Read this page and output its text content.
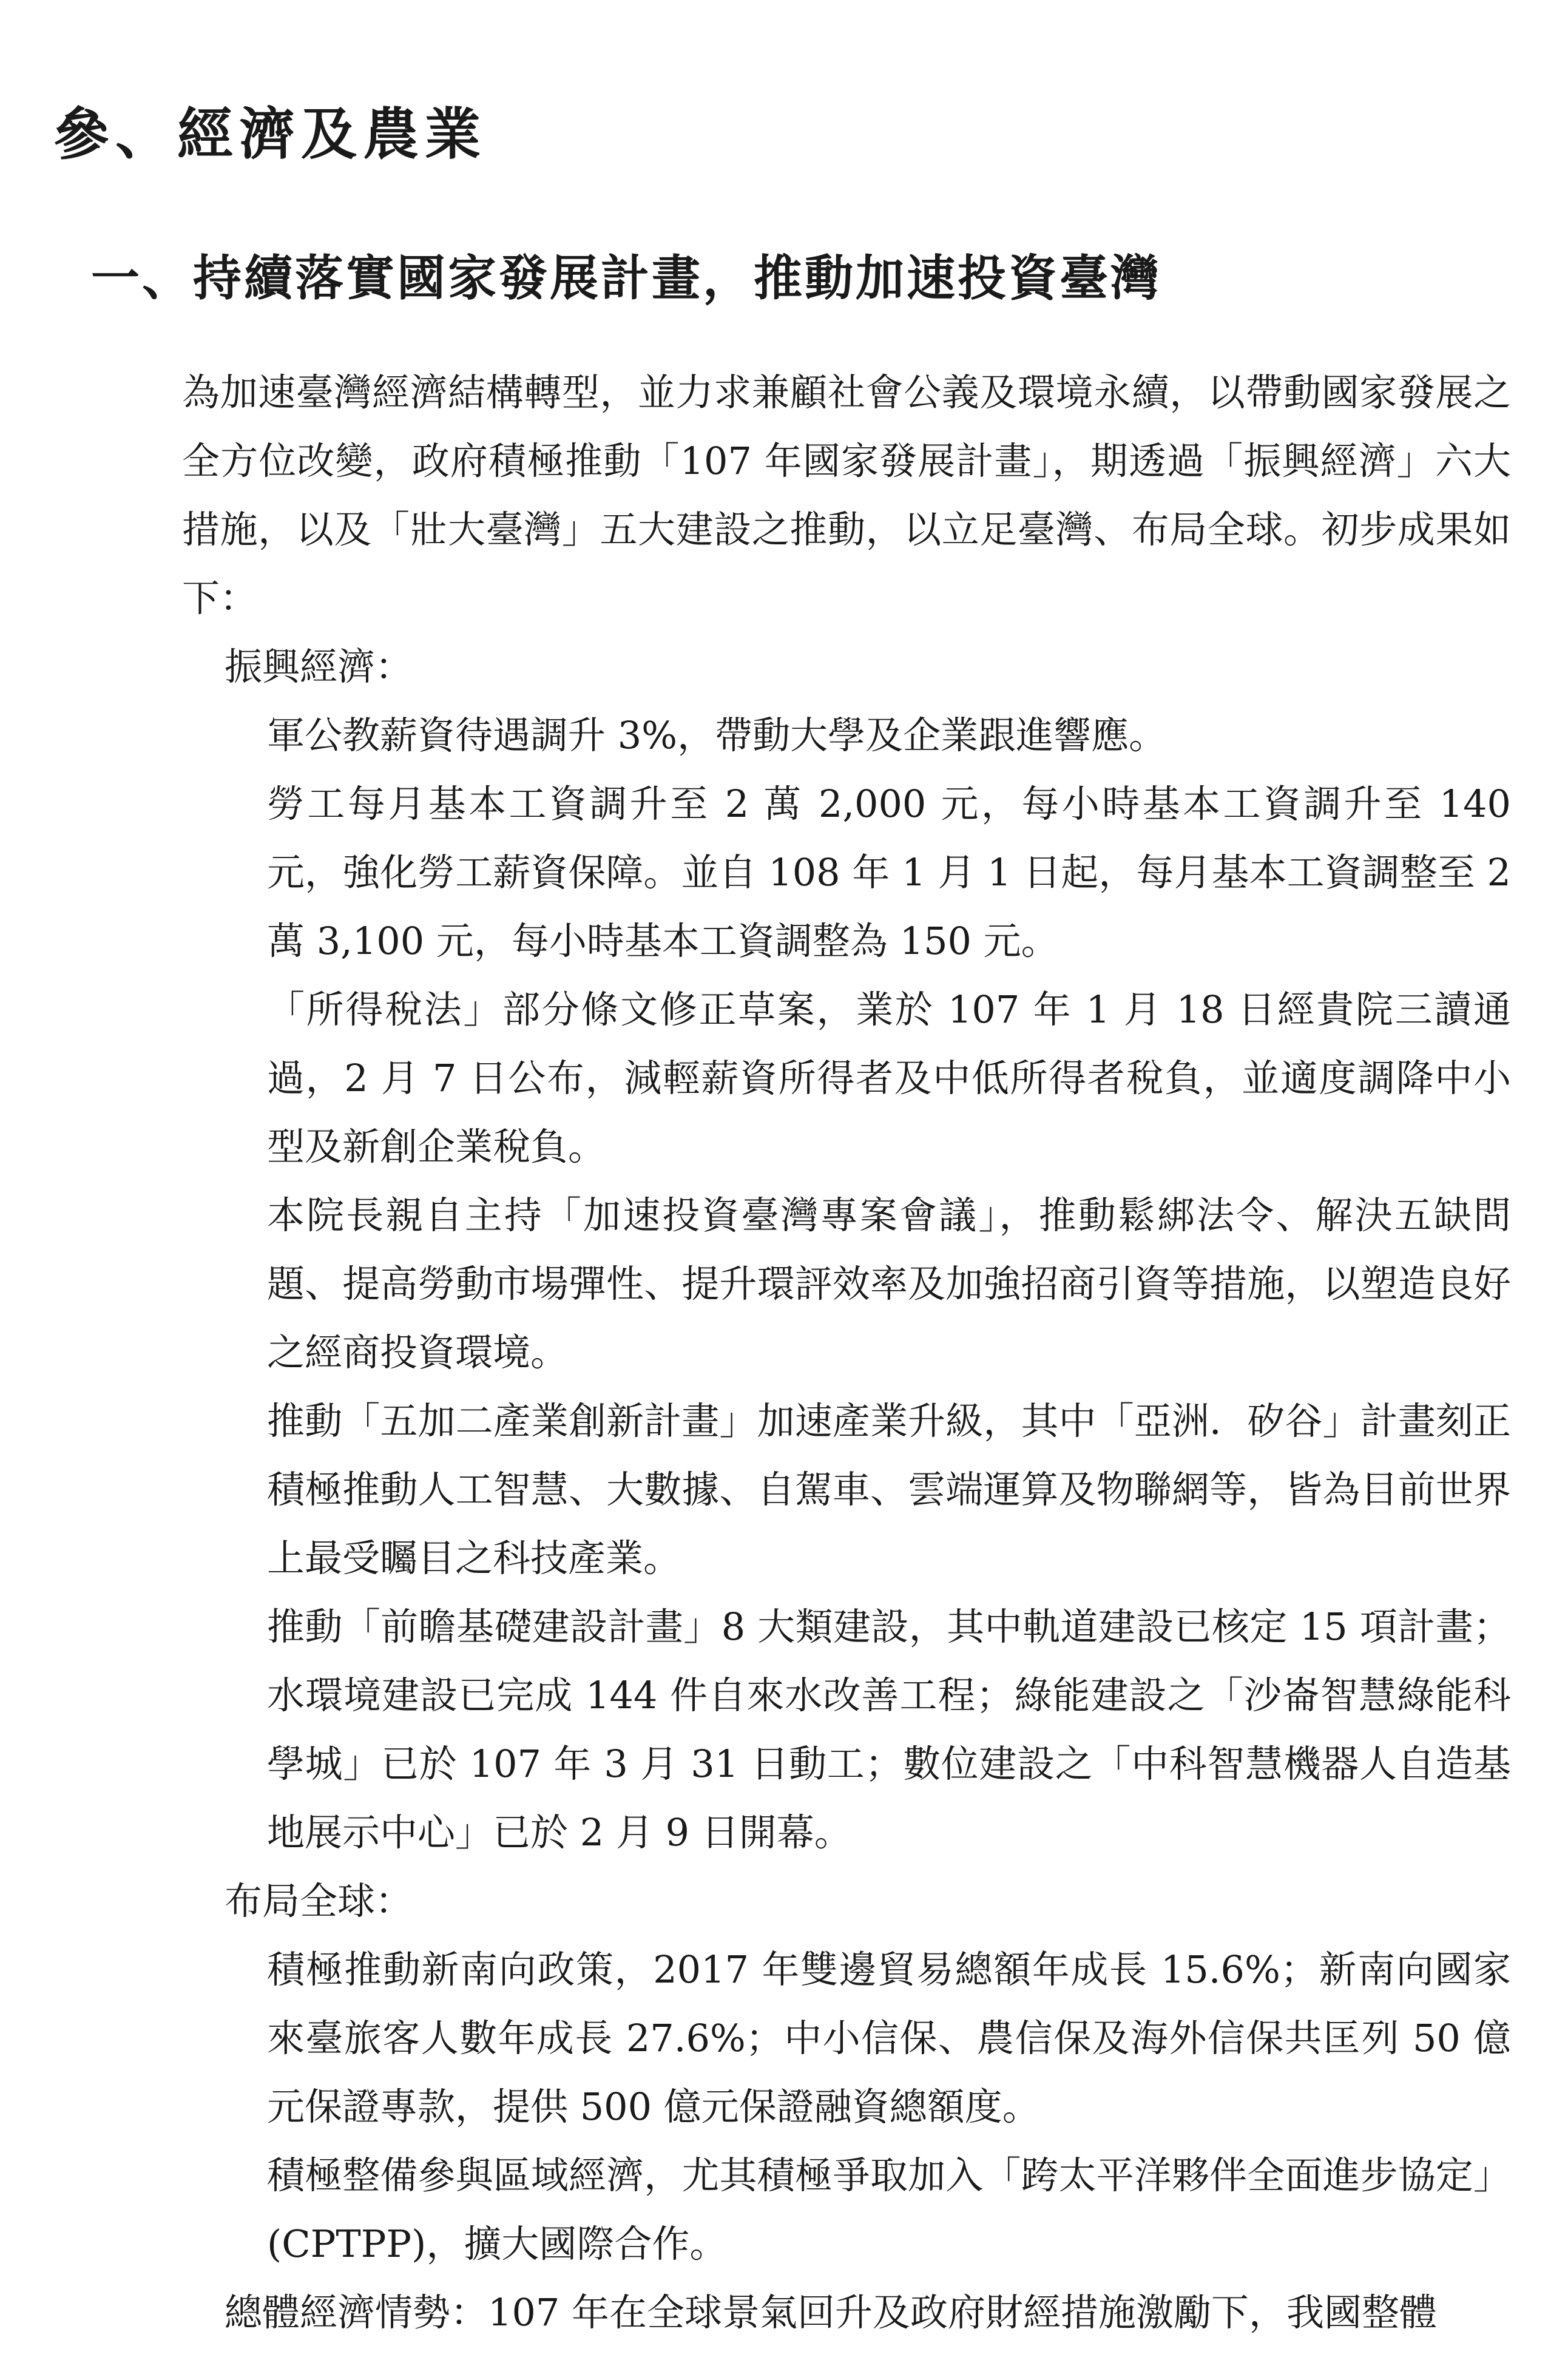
參、經濟及農業
一、持續落實國家發展計畫，推動加速投資臺灣

為加速臺灣經濟結構轉型，並力求兼顧社會公義及環境永續，以帶動國家發展之全方位改變，政府積極推動「107 年國家發展計畫」，期透過「振興經濟」六大措施，以及「壯大臺灣」五大建設之推動，以立足臺灣、布局全球。初步成果如下：

振興經濟：

軍公教薪資待遇調升 3%，帶動大學及企業跟進響應。

勞工每月基本工資調升至 2 萬 2,000 元，每小時基本工資調升至 140 元，強化勞工薪資保障。並自 108 年 1 月 1 日起，每月基本工資調整至 2 萬 3,100 元，每小時基本工資調整為 150 元。

「所得稅法」部分條文修正草案，業於 107 年 1 月 18 日經貴院三讀通過，2 月 7 日公布，減輕薪資所得者及中低所得者稅負，並適度調降中小型及新創企業稅負。

本院長親自主持「加速投資臺灣專案會議」，推動鬆綁法令、解決五缺問題、提高勞動市場彈性、提升環評效率及加強招商引資等措施，以塑造良好之經商投資環境。

推動「五加二產業創新計畫」加速產業升級，其中「亞洲．矽谷」計畫刻正積極推動人工智慧、大數據、自駕車、雲端運算及物聯網等，皆為目前世界上最受矚目之科技產業。

推動「前瞻基礎建設計畫」8 大類建設，其中軌道建設已核定 15 項計畫；水環境建設已完成 144 件自來水改善工程；綠能建設之「沙崙智慧綠能科學城」已於 107 年 3 月 31 日動工；數位建設之「中科智慧機器人自造基地展示中心」已於 2 月 9 日開幕。

布局全球：

積極推動新南向政策，2017 年雙邊貿易總額年成長 15.6%；新南向國家來臺旅客人數年成長 27.6%；中小信保、農信保及海外信保共匡列 50 億元保證專款，提供 500 億元保證融資總額度。

積極整備參與區域經濟，尤其積極爭取加入「跨太平洋夥伴全面進步協定」(CPTPP)，擴大國際合作。

總體經濟情勢：107 年在全球景氣回升及政府財經措施激勵下，我國整體
